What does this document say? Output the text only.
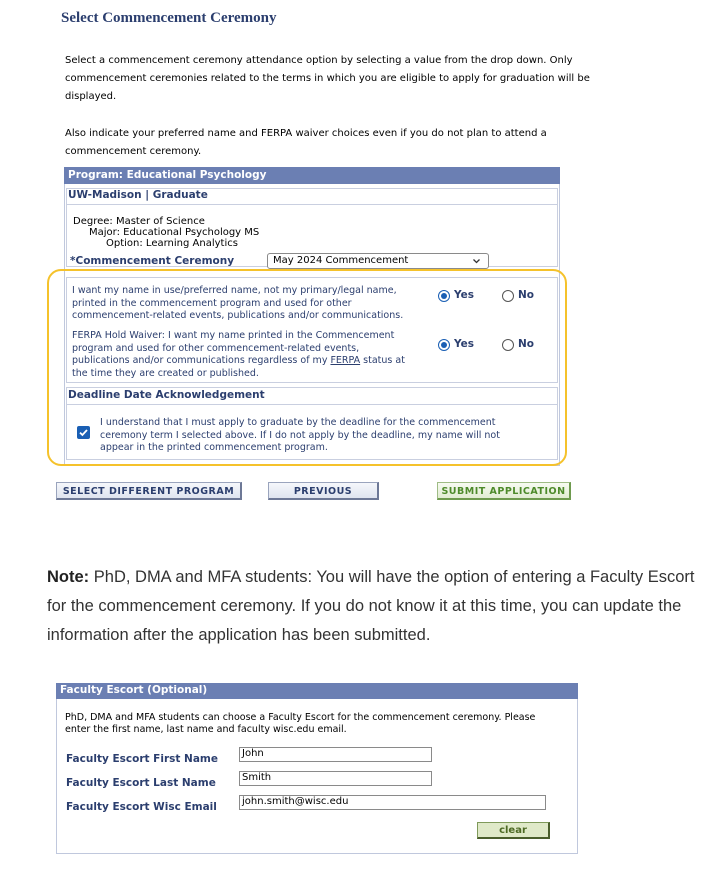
Select Commencement Ceremony
Select a commencement ceremony attendance option by selecting a value from the drop down. Only
commencement ceremonies related to the terms in which you are eligible to apply for graduation will be
displayed.
Also indicate your preferred name and FERPA waiver choices even if you do not plan to attend a
commencement ceremony.
Program: Educational Psychology
UW-Madison | Graduate
Degree: Master of Science
Major: Educational Psychology MS
Option: Learning Analytics
*Commencement Ceremony	May 2024 Commencement
I want my name in use/preferred name, not my primary/legal name,
printed in the commencement program and used for other
commencement-related events, publications and/or communications.
Yes	No
FERPA Hold Waiver: I want my name printed in the Commencement
program and used for other commencement-related events,
publications and/or communications regardless of my FERPA status at
the time they are created or published.
Yes	No
Deadline Date Acknowledgement
I understand that I must apply to graduate by the deadline for the commencement
ceremony term I selected above. If I do not apply by the deadline, my name will not
appear in the printed commencement program.
SELECT DIFFERENT PROGRAM	PREVIOUS	SUBMIT APPLICATION
Note: PhD, DMA and MFA students: You will have the option of entering a Faculty Escort for the commencement ceremony. If you do not know it at this time, you can update the information after the application has been submitted.
Faculty Escort (Optional)
PhD, DMA and MFA students can choose a Faculty Escort for the commencement ceremony. Please
enter the first name, last name and faculty wisc.edu email.
Faculty Escort First Name	John
Faculty Escort Last Name	Smith
Faculty Escort Wisc Email	john.smith@wisc.edu
clear
